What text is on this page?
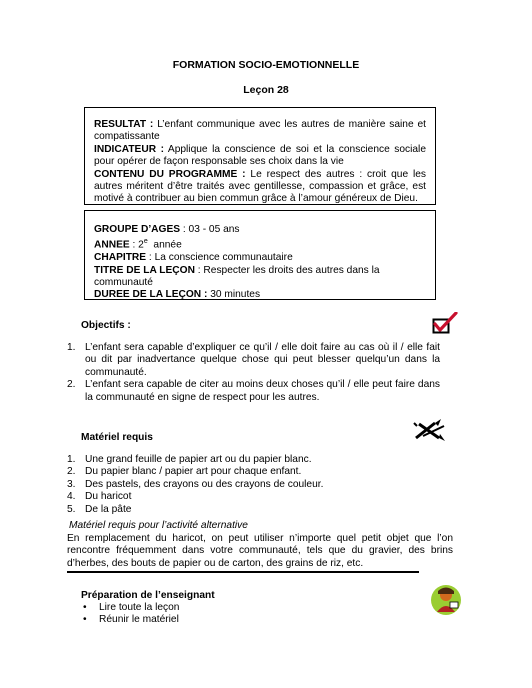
FORMATION SOCIO-EMOTIONNELLE
Leçon 28

RESULTAT : L’enfant communique avec les autres de manière saine et compatissante

INDICATEUR : Applique la conscience de soi et la conscience sociale pour opérer de façon responsable ses choix dans la vie

CONTENU DU PROGRAMME : Le respect des autres : croit que les autres méritent d’être traités avec gentillesse, compassion et grâce, est motivé à contribuer au bien commun grâce à l’amour généreux de Dieu.

GROUPE D’AGES : 03 - 05 ans

ANNEE : 2e  année

CHAPITRE : La conscience communautaire

TITRE DE LA LEÇON : Respecter les droits des autres dans la communauté

DUREE DE LA LEÇON : 30 minutes

Objectifs :
1. L’enfant sera capable d’expliquer ce qu’il / elle doit faire au cas où il / elle fait ou dit par inadvertance quelque chose qui peut blesser quelqu’un dans la communauté.
2. L’enfant sera capable de citer au moins deux choses qu’il / elle peut faire dans la communauté en signe de respect pour les autres.
Matériel requis
1. Une grand feuille de papier art ou du papier blanc.
2. Du papier blanc / papier art pour chaque enfant.
3. Des pastels, des crayons ou des crayons de couleur.
4. Du haricot
5. De la pâte
Matériel requis pour l’activité alternative
En remplacement du haricot, on peut utiliser n’importe quel petit objet que l’on rencontre fréquemment dans votre communauté, tels que du gravier, des brins d’herbes, des bouts de papier ou de carton, des grains de riz, etc.
Préparation de l’enseignant
• Lire toute la leçon
• Réunir le matériel
